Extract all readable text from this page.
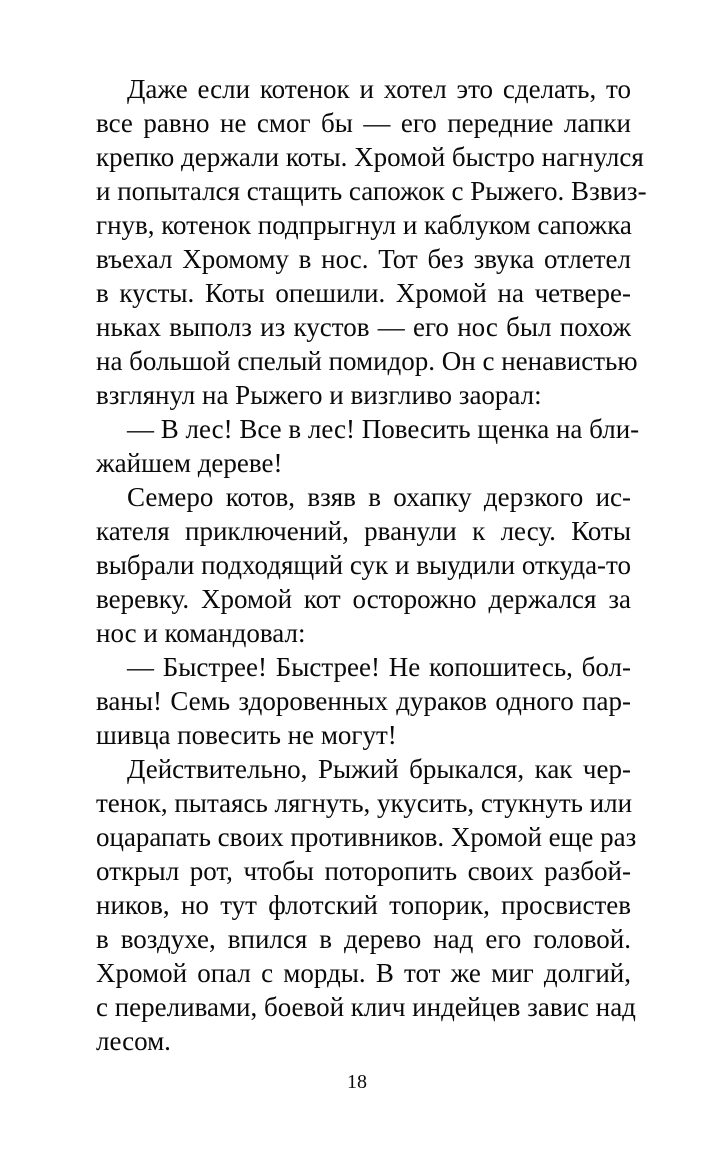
Даже если котенок и хотел это сделать, то
все равно не смог бы — его передние лапки
крепко держали коты. Хромой быстро нагнулся
и попытался стащить сапожок с Рыжего. Взвиз-
гнув, котенок подпрыгнул и каблуком сапожка
въехал Хромому в нос. Тот без звука отлетел
в кусты. Коты опешили. Хромой на четвере-
ньках выполз из кустов — его нос был похож
на большой спелый помидор. Он с ненавистью
взглянул на Рыжего и визгливо заорал:
— В лес! Все в лес! Повесить щенка на бли-
жайшем дереве!
Семеро котов, взяв в охапку дерзкого ис-
кателя приключений, рванули к лесу. Коты
выбрали подходящий сук и выудили откуда-то
веревку. Хромой кот осторожно держался за
нос и командовал:
— Быстрее! Быстрее! Не копошитесь, бол-
ваны! Семь здоровенных дураков одного пар-
шивца повесить не могут!
Действительно, Рыжий брыкался, как чер-
тенок, пытаясь лягнуть, укусить, стукнуть или
оцарапать своих противников. Хромой еще раз
открыл рот, чтобы поторопить своих разбой-
ников, но тут флотский топорик, просвистев
в воздухе, впился в дерево над его головой.
Хромой опал с морды. В тот же миг долгий,
с переливами, боевой клич индейцев завис над
лесом.
18
